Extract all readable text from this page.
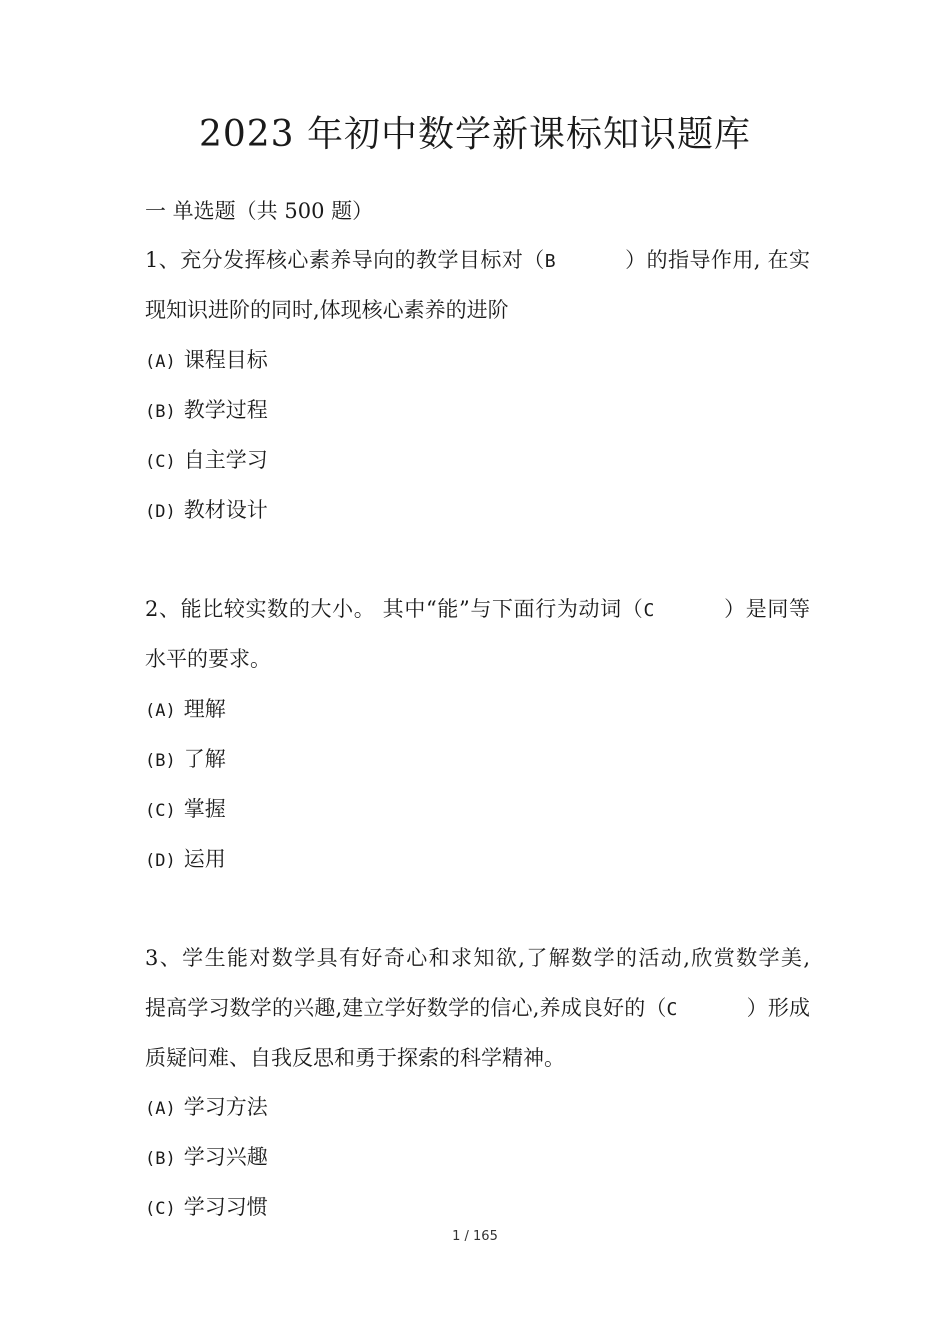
2023 年初中数学新课标知识题库
一 单选题（共 500 题）
1、充分发挥核心素养导向的教学目标对（B	）的指导作用, 在实
现知识进阶的同时,体现核心素养的进阶
(A) 课程目标
(B) 教学过程
(C) 自主学习
(D) 教材设计
2、能比较实数的大小。 其中“能”与下面行为动词（C	）是同等
水平的要求。
(A) 理解
(B) 了解
(C) 掌握
(D) 运用
3、学生能对数学具有好奇心和求知欲,了解数学的活动,欣赏数学美,
提高学习数学的兴趣,建立学好数学的信心,养成良好的（C	）形成
质疑问难、自我反思和勇于探索的科学精神。
(A) 学习方法
(B) 学习兴趣
(C) 学习习惯
1 / 165
